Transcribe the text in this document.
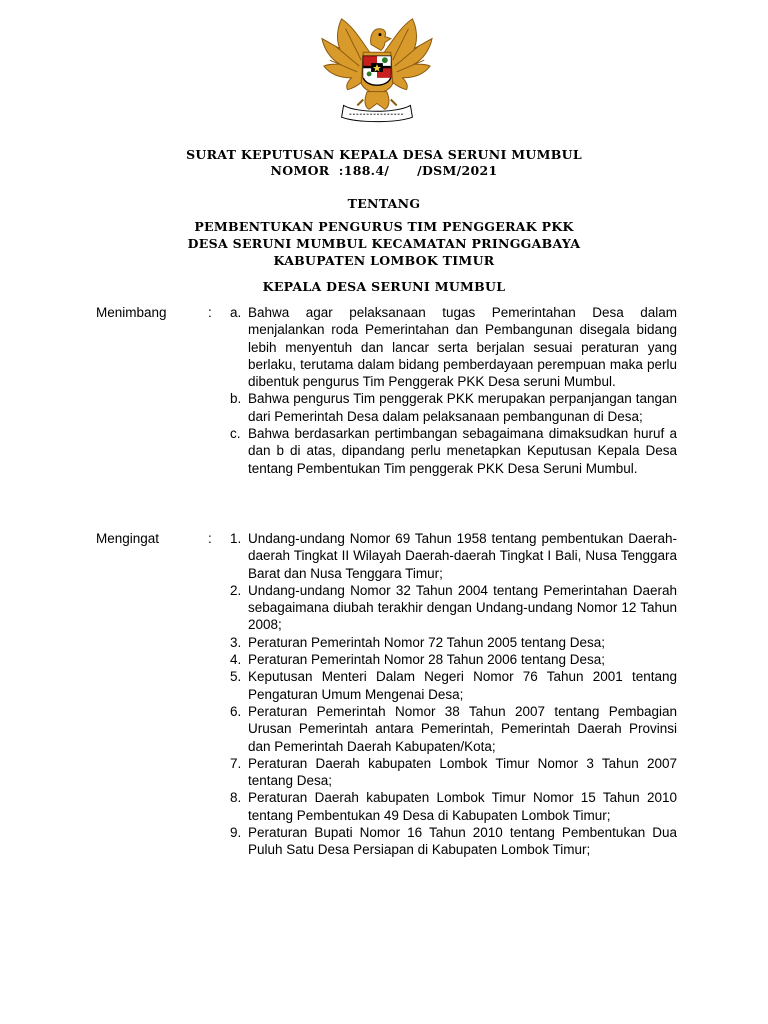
SURAT KEPUTUSAN KEPALA DESA SERUNI MUMBUL
NOMOR  :188.4/      /DSM/2021
TENTANG
PEMBENTUKAN PENGURUS TIM PENGGERAK PKK
DESA SERUNI MUMBUL KECAMATAN PRINGGABAYA
KABUPATEN LOMBOK TIMUR
KEPALA DESA SERUNI MUMBUL
Menimbang	: a. Bahwa agar pelaksanaan tugas Pemerintahan Desa dalam menjalankan roda Pemerintahan dan Pembangunan disegala bidang lebih menyentuh dan lancar serta berjalan sesuai peraturan yang berlaku, terutama dalam bidang pemberdayaan perempuan maka perlu dibentuk pengurus Tim Penggerak PKK Desa seruni Mumbul.
b. Bahwa pengurus Tim penggerak PKK merupakan perpanjangan tangan dari Pemerintah Desa dalam pelaksanaan pembangunan di Desa;
c. Bahwa berdasarkan pertimbangan sebagaimana dimaksudkan huruf a dan b di atas, dipandang perlu menetapkan Keputusan Kepala Desa tentang Pembentukan Tim penggerak PKK Desa Seruni Mumbul.
Mengingat	: 1. Undang-undang Nomor 69 Tahun 1958 tentang pembentukan Daerah-daerah Tingkat II Wilayah Daerah-daerah Tingkat I Bali, Nusa Tenggara Barat dan Nusa Tenggara Timur;
2. Undang-undang Nomor 32 Tahun 2004 tentang Pemerintahan Daerah sebagaimana diubah terakhir dengan Undang-undang Nomor 12 Tahun 2008;
3. Peraturan Pemerintah Nomor 72 Tahun 2005 tentang Desa;
4. Peraturan Pemerintah Nomor 28 Tahun 2006 tentang Desa;
5. Keputusan Menteri Dalam Negeri Nomor 76 Tahun 2001 tentang Pengaturan Umum Mengenai Desa;
6. Peraturan Pemerintah Nomor 38 Tahun 2007 tentang Pembagian Urusan Pemerintah antara Pemerintah, Pemerintah Daerah Provinsi dan Pemerintah Daerah Kabupaten/Kota;
7. Peraturan Daerah kabupaten Lombok Timur Nomor 3 Tahun 2007 tentang Desa;
8. Peraturan Daerah kabupaten Lombok Timur Nomor 15 Tahun 2010 tentang Pembentukan 49 Desa di Kabupaten Lombok Timur;
9. Peraturan Bupati Nomor 16 Tahun 2010 tentang Pembentukan Dua Puluh Satu Desa Persiapan di Kabupaten Lombok Timur;
